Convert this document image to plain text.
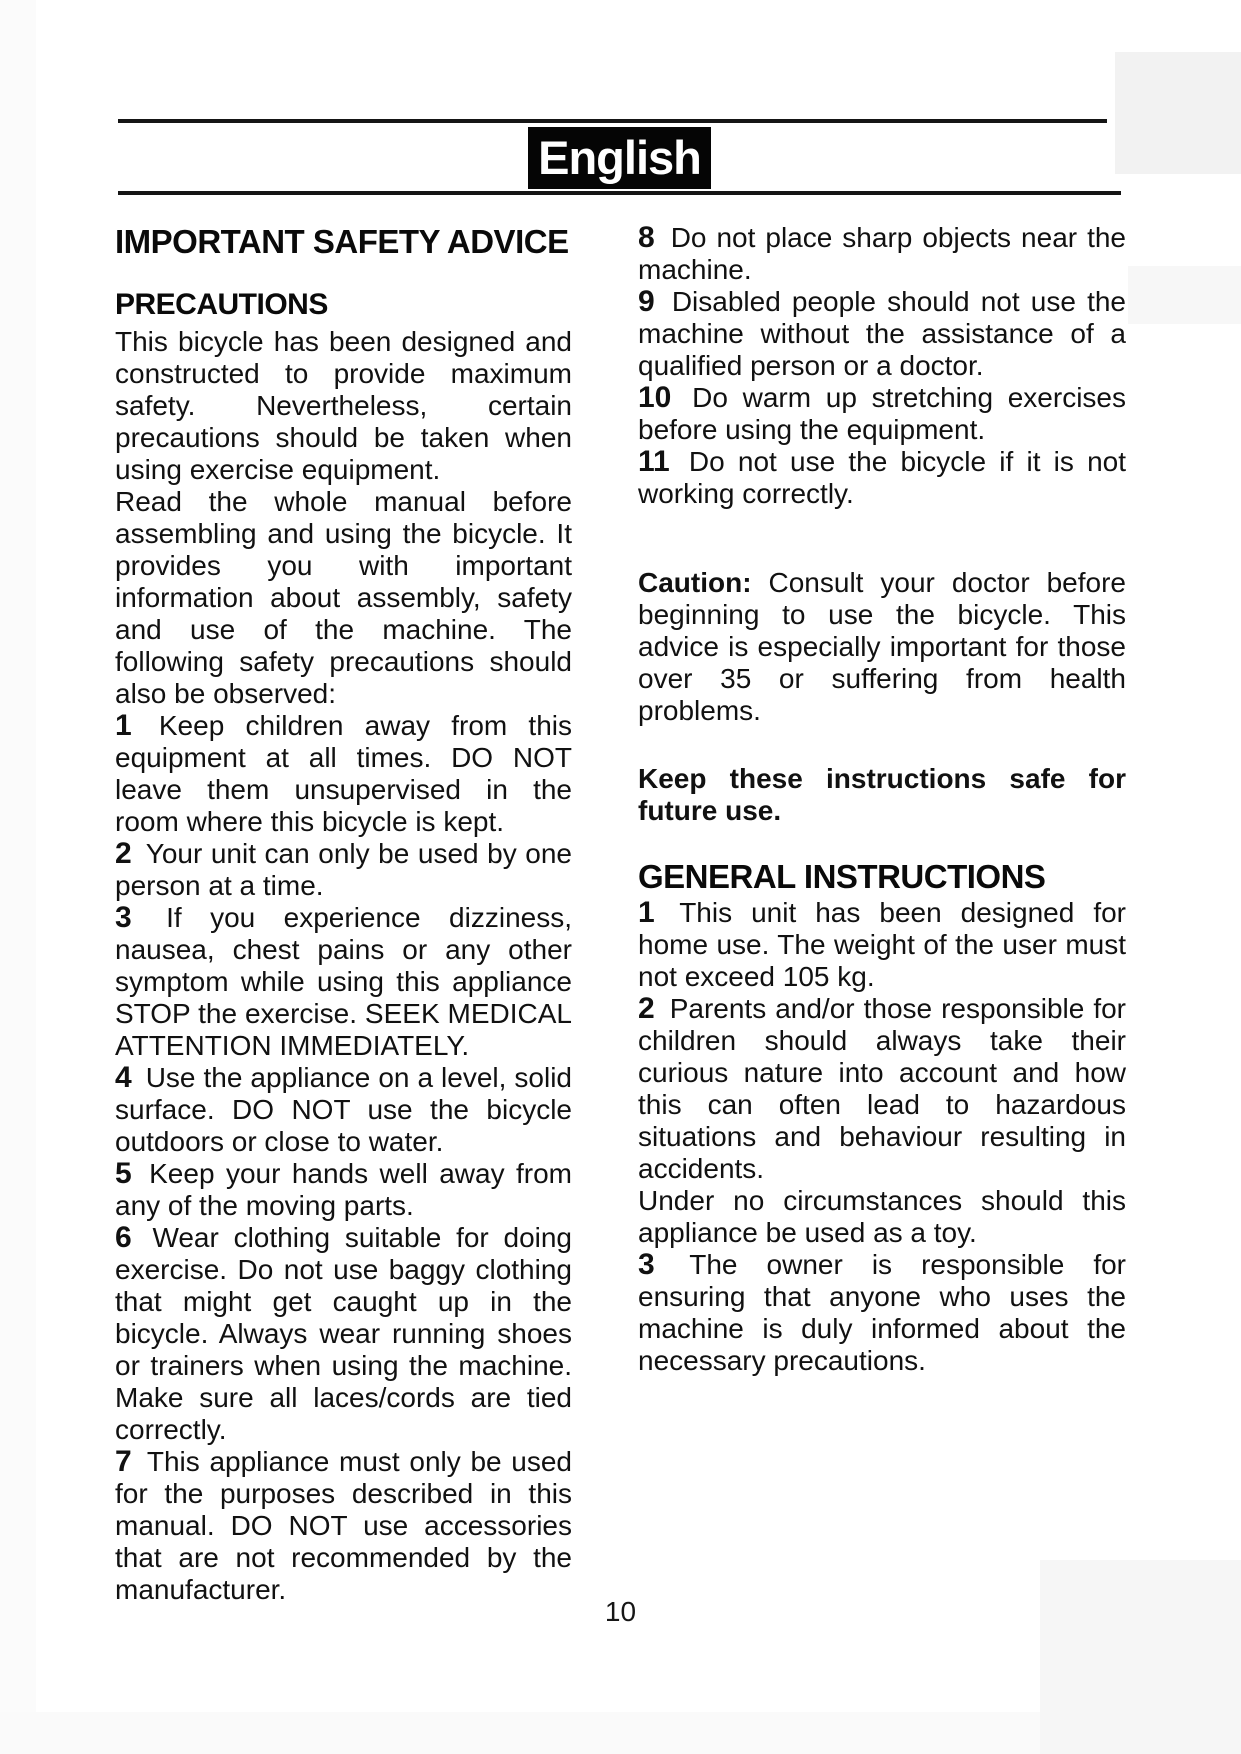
English
IMPORTANT SAFETY ADVICE
PRECAUTIONS

This bicycle has been designed and constructed to provide maximum safety. Nevertheless, certain precautions should be taken when using exercise equipment.

Read the whole manual before assembling and using the bicycle. It provides you with important information about assembly, safety and use of the machine. The following safety precautions should also be observed:

1 Keep children away from this equipment at all times. DO NOT leave them unsupervised in the room where this bicycle is kept.

2 Your unit can only be used by one person at a time.

3 If you experience dizziness, nausea, chest pains or any other symptom while using this appliance STOP the exercise. SEEK MEDICAL ATTENTION IMMEDIATELY.

4 Use the appliance on a level, solid surface. DO NOT use the bicycle outdoors or close to water.

5 Keep your hands well away from any of the moving parts.

6 Wear clothing suitable for doing exercise. Do not use baggy clothing that might get caught up in the bicycle. Always wear running shoes or trainers when using the machine. Make sure all laces/cords are tied correctly.

7 This appliance must only be used for the purposes described in this manual. DO NOT use accessories that are not recommended by the manufacturer.

8 Do not place sharp objects near the machine.

9 Disabled people should not use the machine without the assistance of a qualified person or a doctor.

10 Do warm up stretching exercises before using the equipment.

11 Do not use the bicycle if it is not working correctly.

Caution: Consult your doctor before beginning to use the bicycle. This advice is especially important for those over 35 or suffering from health problems.

Keep these instructions safe for future use.

GENERAL INSTRUCTIONS

1 This unit has been designed for home use. The weight of the user must not exceed 105 kg.

2 Parents and/or those responsible for children should always take their curious nature into account and how this can often lead to hazardous situations and behaviour resulting in accidents.

Under no circumstances should this appliance be used as a toy.

3 The owner is responsible for ensuring that anyone who uses the machine is duly informed about the necessary precautions.

10
